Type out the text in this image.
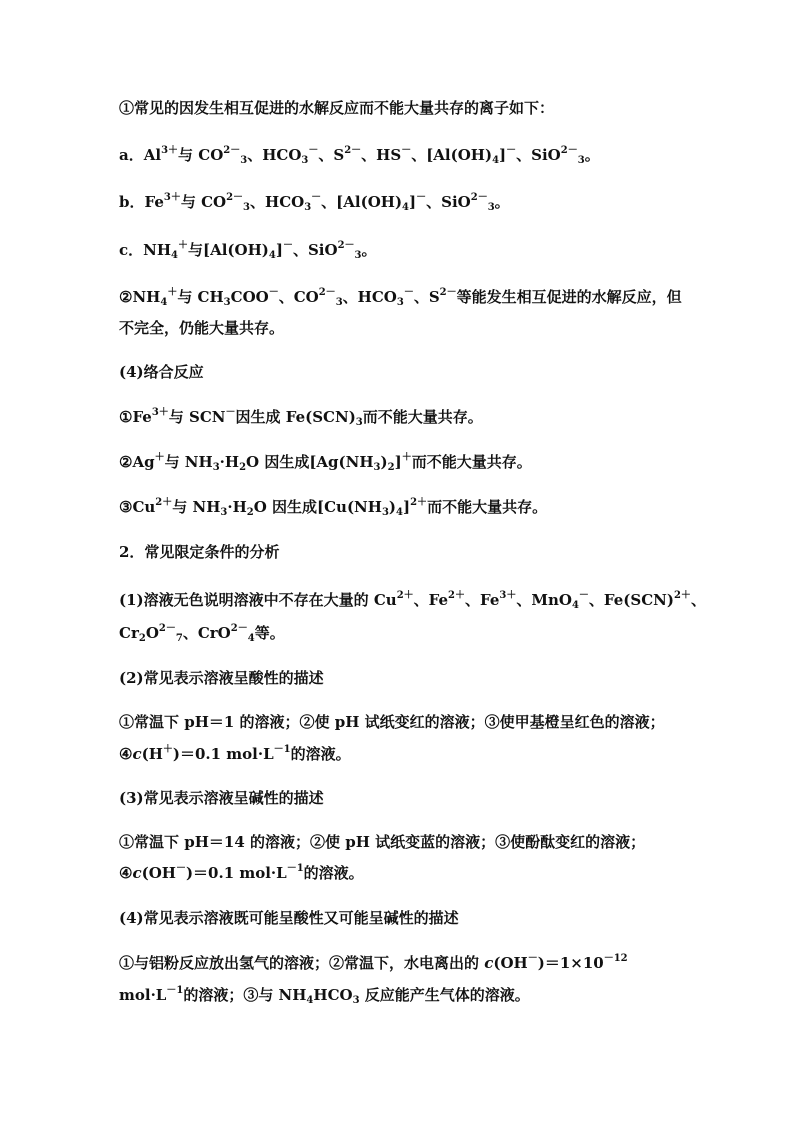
①常见的因发生相互促进的水解反应而不能大量共存的离子如下：
a．$Al^{3+}$与 $CO^{2-}_3$、$HCO_3^-$、$S^{2-}$、HS－、$[Al(OH)_4]^-$、SiO$^{2-}_3$。
b．$Fe^{3+}$与 $CO^{2-}_3$、$HCO_3^-$、$[Al(OH)_4]^-$、SiO$^{2-}_3$。
c．$NH_4^+$与$[Al(OH)_4]^-$、SiO$^{2-}_3$。
$②NH_4^+$与 $CH_3COO^-$、$CO^{2-}_3$、$HCO_3^-$、$S^{2-}$等能发生相互促进的水解反应，但
不完全，仍能大量共存。
(4)络合反应
$①Fe^{3+}$与 SCN－因生成 $Fe(SCN)_3$而不能大量共存。
②Ag＋与 $NH_3\cdot H_2O$ 因生成$[Ag(NH_3)_2]^+$而不能大量共存。
$③Cu^{2+}$与 $NH_3\cdot H_2O$ 因生成$[Cu(NH_3)_4]^{2+}$而不能大量共存。
2．常见限定条件的分析
(1)溶液无色说明溶液中不存在大量的 $Cu^{2+}$、$Fe^{2+}$、$Fe^{3+}$、MnO$_4$－、Fe(SCN)$^{2+}$、
$Cr_2O^{2-}_7$、CrO$^{2-}_4$等。
(2)常见表示溶液呈酸性的描述
①常温下 pH＝1 的溶液；②使 pH 试纸变红的溶液；③使甲基橙呈红色的溶液；
④c(H＋)＝0.1 $mol\cdot L^{-1}$的溶液。
(3)常见表示溶液呈碱性的描述
①常温下 pH＝14 的溶液；②使 pH 试纸变蓝的溶液；③使酚酞变红的溶液；
④c(OH－)＝0.1 $mol\cdot L^{-1}$的溶液。
(4)常见表示溶液既可能呈酸性又可能呈碱性的描述
①与铝粉反应放出氢气的溶液；②常温下，水电离出的 $c(OH^-)=1\times 10^{-12}$
$mol\cdot L^{-1}$的溶液；③与 $NH_4HCO_3$ 反应能产生气体的溶液。
